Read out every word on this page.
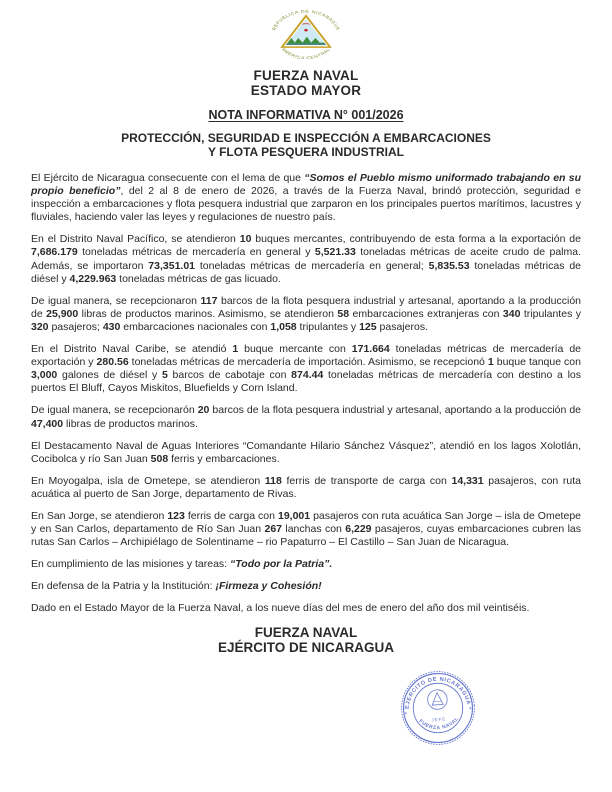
REPUBLICA DE NICARAGUA
AMERICA CENTRAL
FUERZA NAVAL
ESTADO MAYOR
NOTA INFORMATIVA N° 001/2026
PROTECCIÓN, SEGURIDAD E INSPECCIÓN A EMBARCACIONES
Y FLOTA PESQUERA INDUSTRIAL

El Ejército de Nicaragua consecuente con el lema de que “Somos el Pueblo mismo uniformado trabajando en su propio beneficio”, del 2 al 8 de enero de 2026, a través de la Fuerza Naval, brindó protección, seguridad e inspección a embarcaciones y flota pesquera industrial que zarparon en los principales puertos marítimos, lacustres y fluviales, haciendo valer las leyes y regulaciones de nuestro país.

En el Distrito Naval Pacífico, se atendieron 10 buques mercantes, contribuyendo de esta forma a la exportación de 7,686.179 toneladas métricas de mercadería en general y 5,521.33 toneladas métricas de aceite crudo de palma. Además, se importaron 73,351.01 toneladas métricas de mercadería en general; 5,835.53 toneladas métricas de diésel y 4,229.963 toneladas métricas de gas licuado.

De igual manera, se recepcionaron 117 barcos de la flota pesquera industrial y artesanal, aportando a la producción de 25,900 libras de productos marinos. Asimismo, se atendieron 58 embarcaciones extranjeras con 340 tripulantes y 320 pasajeros; 430 embarcaciones nacionales con 1,058 tripulantes y 125 pasajeros.

En el Distrito Naval Caribe, se atendió 1 buque mercante con 171.664 toneladas métricas de mercadería de exportación y 280.56 toneladas métricas de mercadería de importación. Asimismo, se recepcionó 1 buque tanque con 3,000 galones de diésel y 5 barcos de cabotaje con 874.44 toneladas métricas de mercadería con destino a los puertos El Bluff, Cayos Miskitos, Bluefields y Corn Island.

De igual manera, se recepcionarón 20 barcos de la flota pesquera industrial y artesanal, aportando a la producción de 47,400 libras de productos marinos.

El Destacamento Naval de Aguas Interiores “Comandante Hilario Sánchez Vásquez”, atendió en los lagos Xolotlán, Cocibolca y río San Juan 508 ferris y embarcaciones.

En Moyogalpa, isla de Ometepe, se atendieron 118 ferris de transporte de carga con 14,331 pasajeros, con ruta acuática al puerto de San Jorge, departamento de Rivas.

En San Jorge, se atendieron 123 ferris de carga con 19,001 pasajeros con ruta acuática San Jorge – isla de Ometepe y en San Carlos, departamento de Río San Juan 267 lanchas con 6,229 pasajeros, cuyas embarcaciones cubren las rutas San Carlos – Archipiélago de Solentiname – rio Papaturro – El Castillo – San Juan de Nicaragua.

En cumplimiento de las misiones y tareas: “Todo por la Patria”.

En defensa de la Patria y la Institución: ¡Firmeza y Cohesión!

Dado en el Estado Mayor de la Fuerza Naval, a los nueve días del mes de enero del año dos mil veintiséis.

FUERZA NAVAL
EJÉRCITO DE NICARAGUA
* EJERCITO DE NICARAGUA *
FUERZA NAVAL
JEFE
